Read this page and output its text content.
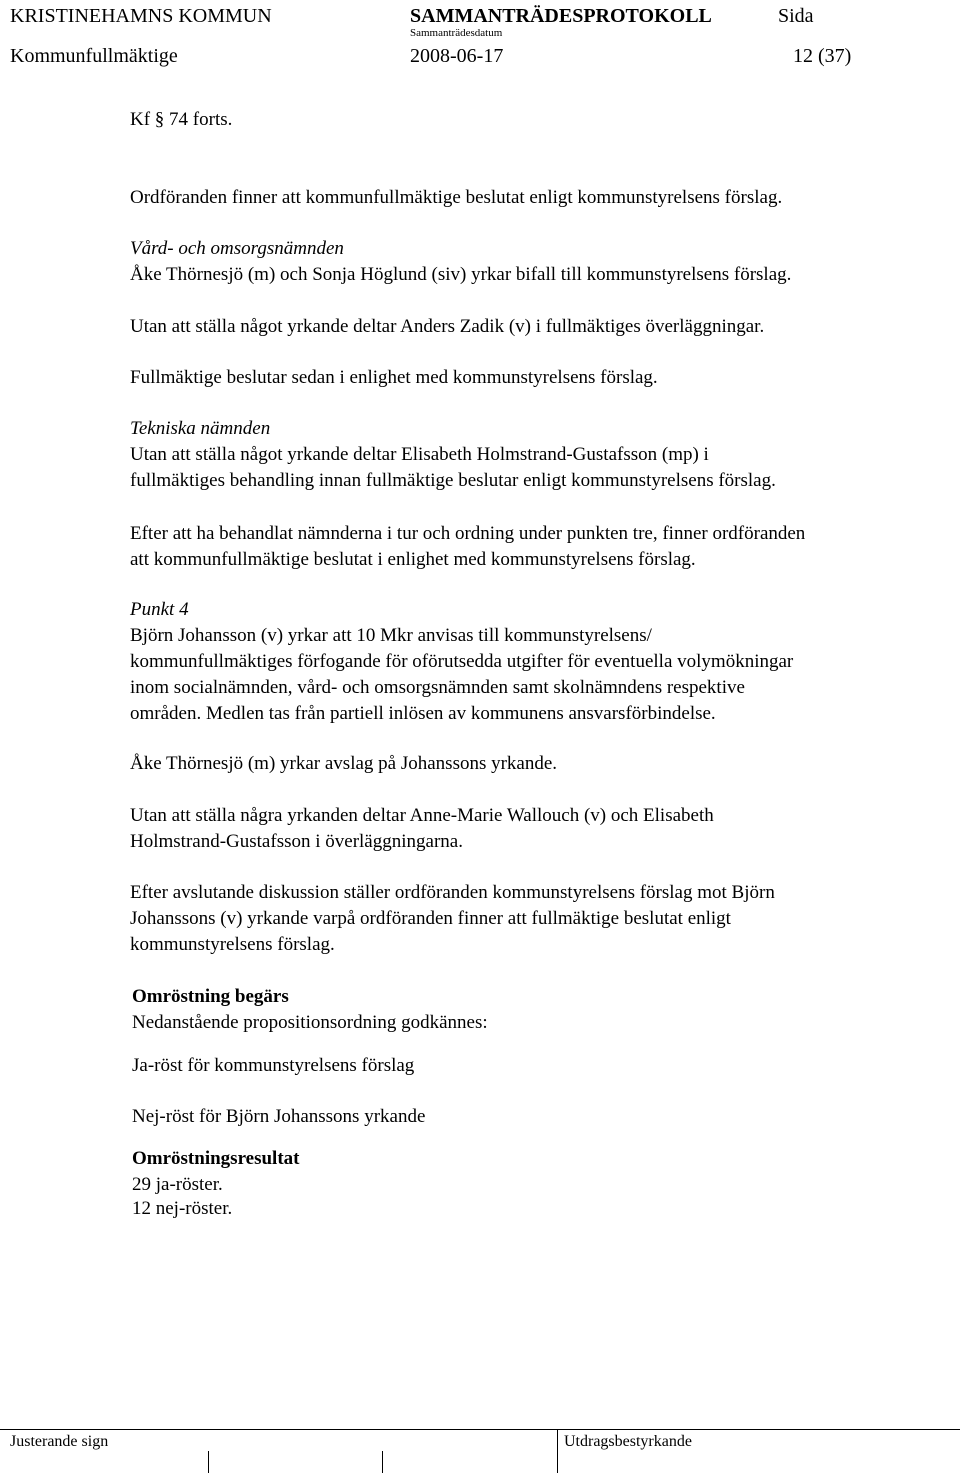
KRISTINEHAMNS KOMMUN	SAMMANTRÄDESPROTOKOLL	Sida
Sammanträdesdatum
Kommunfullmäktige	2008-06-17	12 (37)
Kf § 74 forts.
Ordföranden finner att kommunfullmäktige beslutat enligt kommunstyrelsens förslag.
Vård- och omsorgsnämnden
Åke Thörnesjö (m) och Sonja Höglund (siv) yrkar bifall till kommunstyrelsens förslag.
Utan att ställa något yrkande deltar Anders Zadik (v) i fullmäktiges överläggningar.
Fullmäktige beslutar sedan i enlighet med kommunstyrelsens förslag.
Tekniska nämnden
Utan att ställa något yrkande deltar Elisabeth Holmstrand-Gustafsson (mp) i
fullmäktiges behandling innan fullmäktige beslutar enligt kommunstyrelsens förslag.
Efter att ha behandlat nämnderna i tur och ordning under punkten tre, finner ordföranden
att kommunfullmäktige beslutat i enlighet med kommunstyrelsens förslag.
Punkt 4
Björn Johansson (v) yrkar att 10 Mkr anvisas till kommunstyrelsens/
kommunfullmäktiges förfogande för oförutsedda utgifter för eventuella volymökningar
inom socialnämnden, vård- och omsorgsnämnden samt skolnämndens respektive
områden. Medlen tas från partiell inlösen av kommunens ansvarsförbindelse.
Åke Thörnesjö (m) yrkar avslag på Johanssons yrkande.
Utan att ställa några yrkanden deltar Anne-Marie Wallouch (v) och Elisabeth
Holmstrand-Gustafsson i överläggningarna.
Efter avslutande diskussion ställer ordföranden kommunstyrelsens förslag mot Björn
Johanssons (v) yrkande varpå ordföranden finner att fullmäktige beslutat enligt
kommunstyrelsens förslag.
Omröstning begärs
Nedanstående propositionsordning godkännes:
Ja-röst för kommunstyrelsens förslag
Nej-röst för Björn Johanssons yrkande
Omröstningsresultat
29 ja-röster.
12 nej-röster.
Justerande sign	Utdragsbestyrkande
